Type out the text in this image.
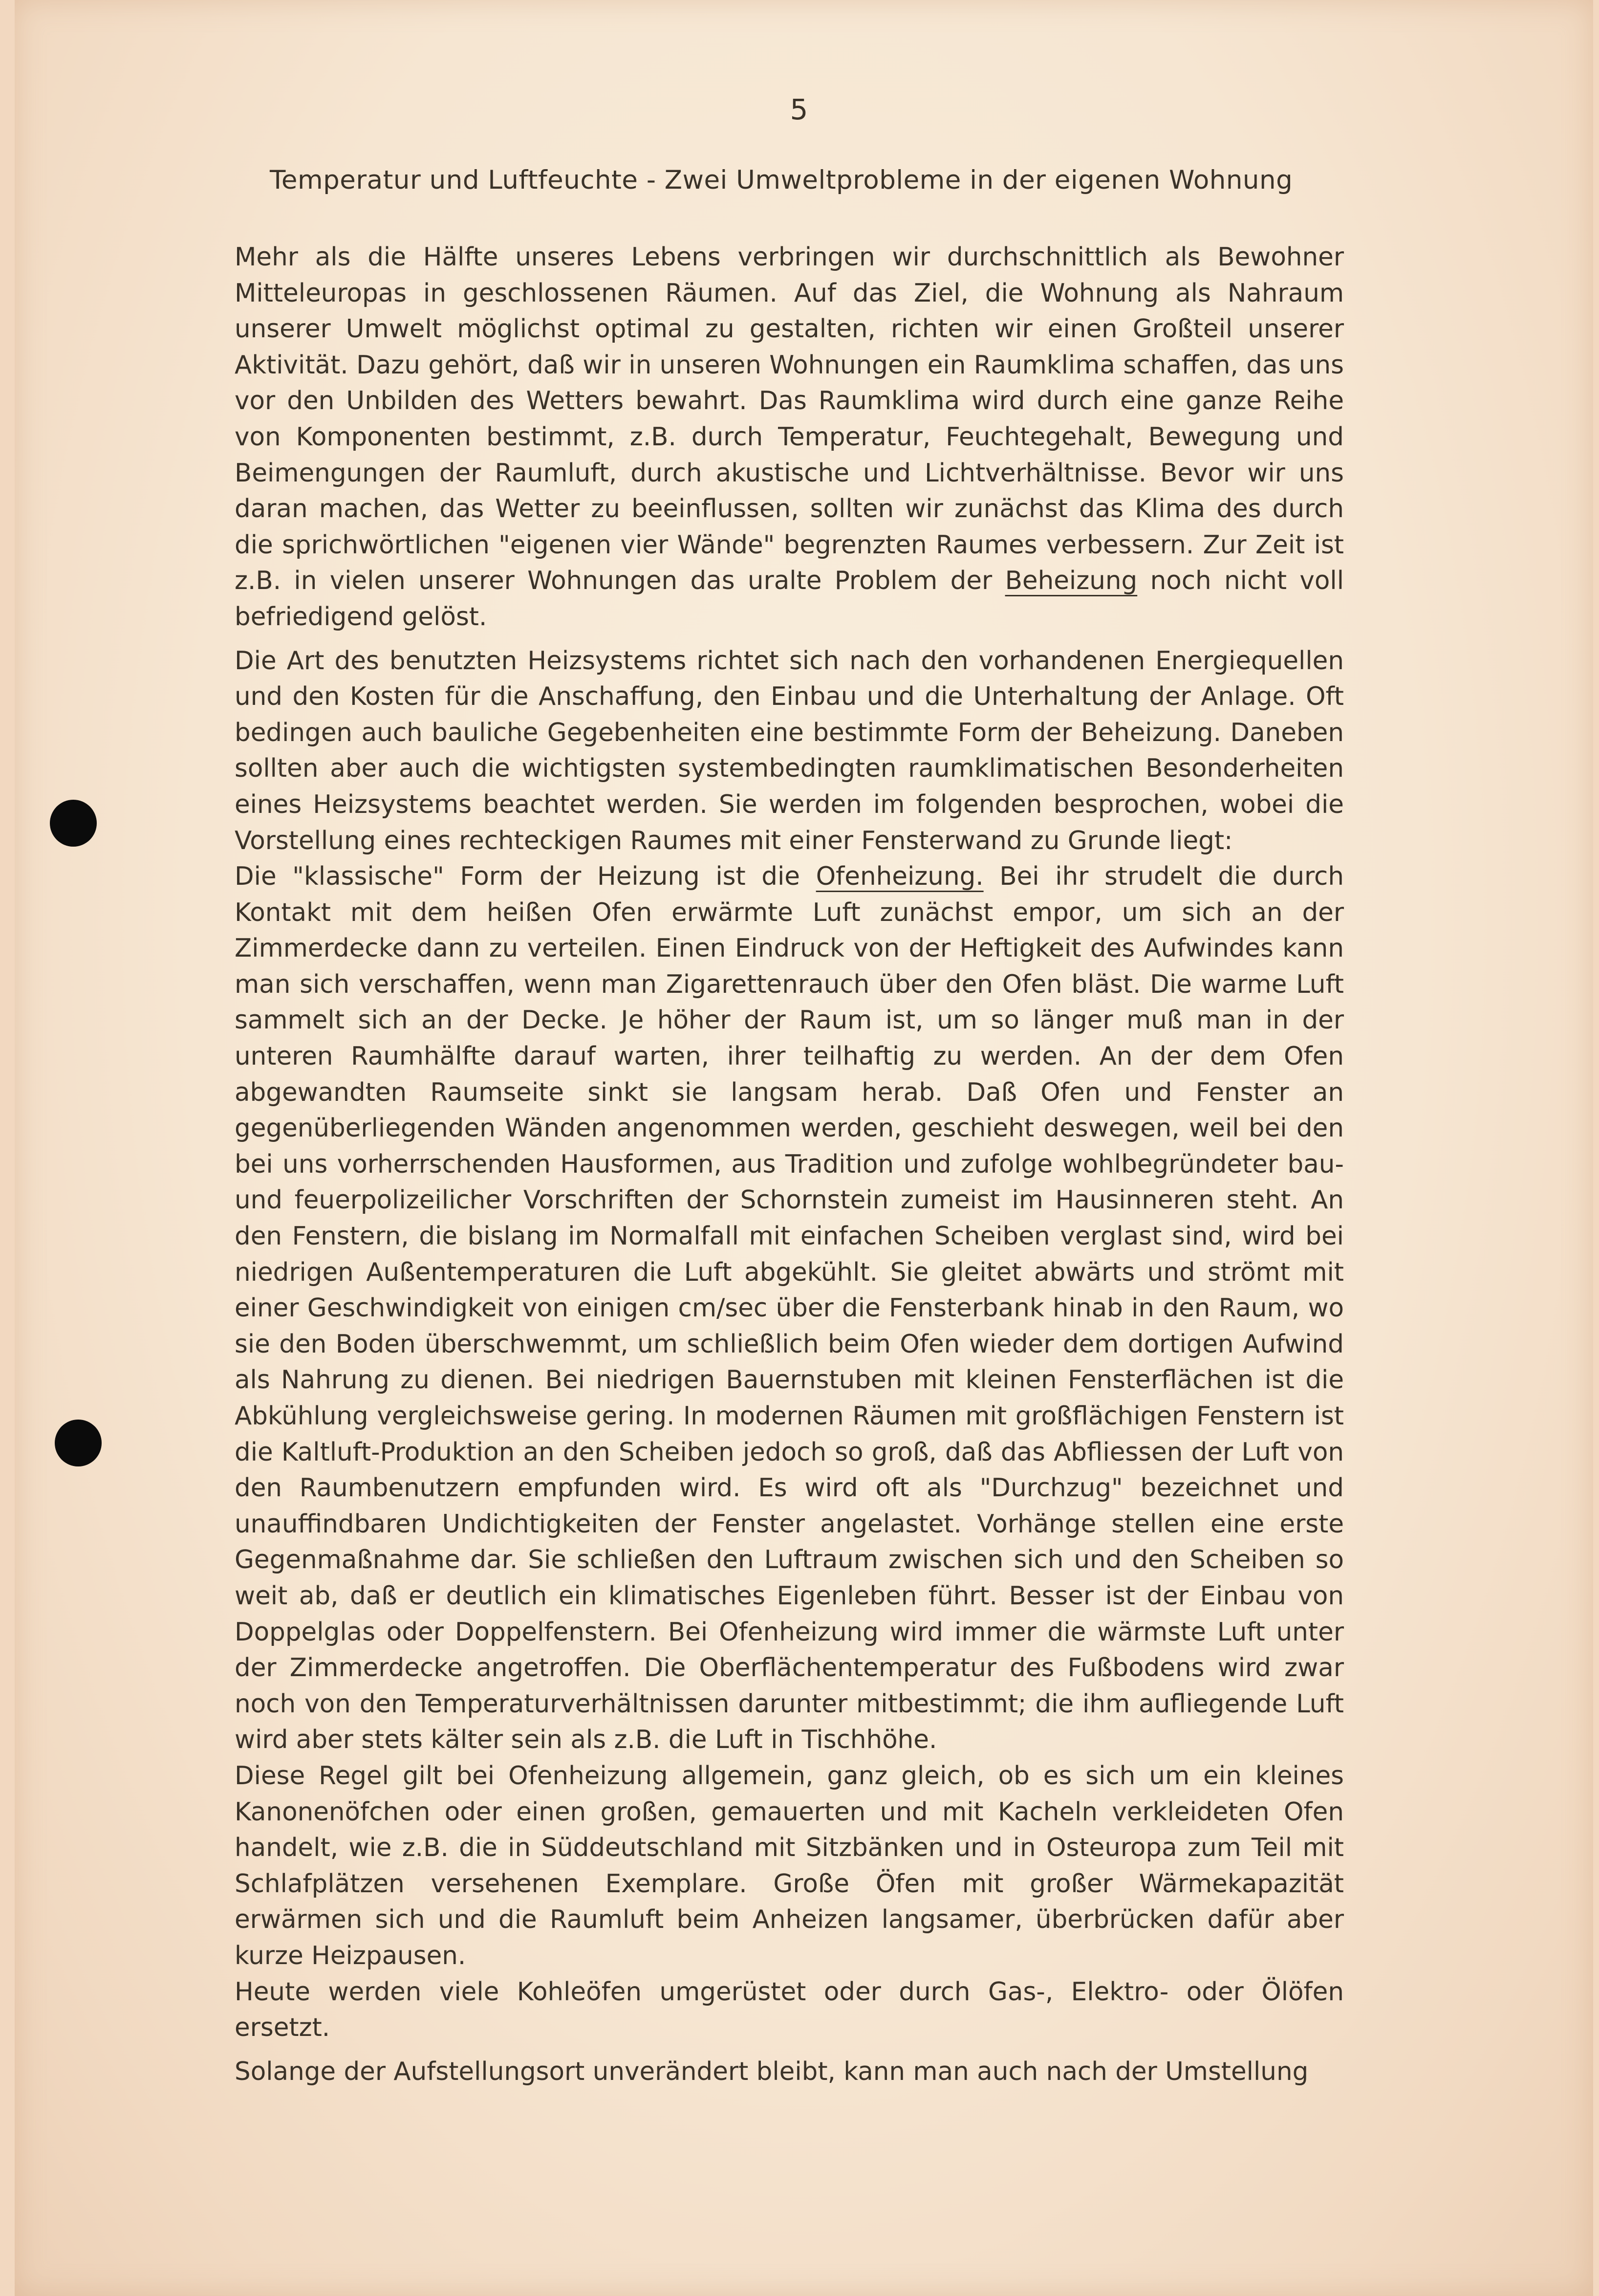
5
Temperatur und Luftfeuchte - Zwei Umweltprobleme in der eigenen Wohnung

Mehr als die Hälfte unseres Lebens verbringen wir durchschnittlich als Bewohner Mitteleuropas in geschlossenen Räumen. Auf das Ziel, die Wohnung als Nahraum unserer Umwelt möglichst optimal zu gestalten, richten wir einen Großteil unserer Aktivität. Dazu gehört, daß wir in unseren Wohnungen ein Raumklima schaffen, das uns vor den Unbilden des Wetters bewahrt. Das Raumklima wird durch eine ganze Reihe von Komponenten bestimmt, z.B. durch Temperatur, Feuchtegehalt, Bewegung und Beimengungen der Raumluft, durch akustische und Lichtverhältnisse. Bevor wir uns daran machen, das Wetter zu beeinflussen, sollten wir zunächst das Klima des durch die sprichwörtlichen "eigenen vier Wände" begrenzten Raumes verbessern. Zur Zeit ist z.B. in vielen unserer Wohnungen das uralte Problem der Beheizung noch nicht voll befriedigend gelöst.

Die Art des benutzten Heizsystems richtet sich nach den vorhandenen Energiequellen und den Kosten für die Anschaffung, den Einbau und die Unterhaltung der Anlage. Oft bedingen auch bauliche Gegebenheiten eine bestimmte Form der Beheizung. Daneben sollten aber auch die wichtigsten systembedingten raumklimatischen Besonderheiten eines Heizsystems beachtet werden. Sie werden im folgenden besprochen, wobei die Vorstellung eines rechteckigen Raumes mit einer Fensterwand zu Grunde liegt:

Die "klassische" Form der Heizung ist die Ofenheizung. Bei ihr strudelt die durch Kontakt mit dem heißen Ofen erwärmte Luft zunächst empor, um sich an der Zimmerdecke dann zu verteilen. Einen Eindruck von der Heftigkeit des Aufwindes kann man sich verschaffen, wenn man Zigarettenrauch über den Ofen bläst. Die warme Luft sammelt sich an der Decke. Je höher der Raum ist, um so länger muß man in der unteren Raumhälfte darauf warten, ihrer teilhaftig zu werden. An der dem Ofen abgewandten Raumseite sinkt sie langsam herab. Daß Ofen und Fenster an gegenüberliegenden Wänden angenommen werden, geschieht deswegen, weil bei den bei uns vorherrschenden Hausformen, aus Tradition und zufolge wohlbegründeter bau- und feuerpolizeilicher Vorschriften der Schornstein zumeist im Hausinneren steht. An den Fenstern, die bislang im Normalfall mit einfachen Scheiben verglast sind, wird bei niedrigen Außentemperaturen die Luft abgekühlt. Sie gleitet abwärts und strömt mit einer Geschwindigkeit von einigen cm/sec über die Fensterbank hinab in den Raum, wo sie den Boden überschwemmt, um schließlich beim Ofen wieder dem dortigen Aufwind als Nahrung zu dienen. Bei niedrigen Bauernstuben mit kleinen Fensterflächen ist die Abkühlung vergleichsweise gering. In modernen Räumen mit großflächigen Fenstern ist die Kaltluft-Produktion an den Scheiben jedoch so groß, daß das Abfliessen der Luft von den Raumbenutzern empfunden wird. Es wird oft als "Durchzug" bezeichnet und unauffindbaren Undichtigkeiten der Fenster angelastet. Vorhänge stellen eine erste Gegenmaßnahme dar. Sie schließen den Luftraum zwischen sich und den Scheiben so weit ab, daß er deutlich ein klimatisches Eigenleben führt. Besser ist der Einbau von Doppelglas oder Doppelfenstern. Bei Ofenheizung wird immer die wärmste Luft unter der Zimmerdecke angetroffen. Die Oberflächentemperatur des Fußbodens wird zwar noch von den Temperaturverhältnissen darunter mitbestimmt; die ihm aufliegende Luft wird aber stets kälter sein als z.B. die Luft in Tischhöhe.

Diese Regel gilt bei Ofenheizung allgemein, ganz gleich, ob es sich um ein kleines Kanonenöfchen oder einen großen, gemauerten und mit Kacheln verkleideten Ofen handelt, wie z.B. die in Süddeutschland mit Sitzbänken und in Osteuropa zum Teil mit Schlafplätzen versehenen Exemplare. Große Öfen mit großer Wärmekapazität erwärmen sich und die Raumluft beim Anheizen langsamer, überbrücken dafür aber kurze Heizpausen.

Heute werden viele Kohleöfen umgerüstet oder durch Gas-, Elektro- oder Ölöfen ersetzt.

Solange der Aufstellungsort unverändert bleibt, kann man auch nach der Umstellung
